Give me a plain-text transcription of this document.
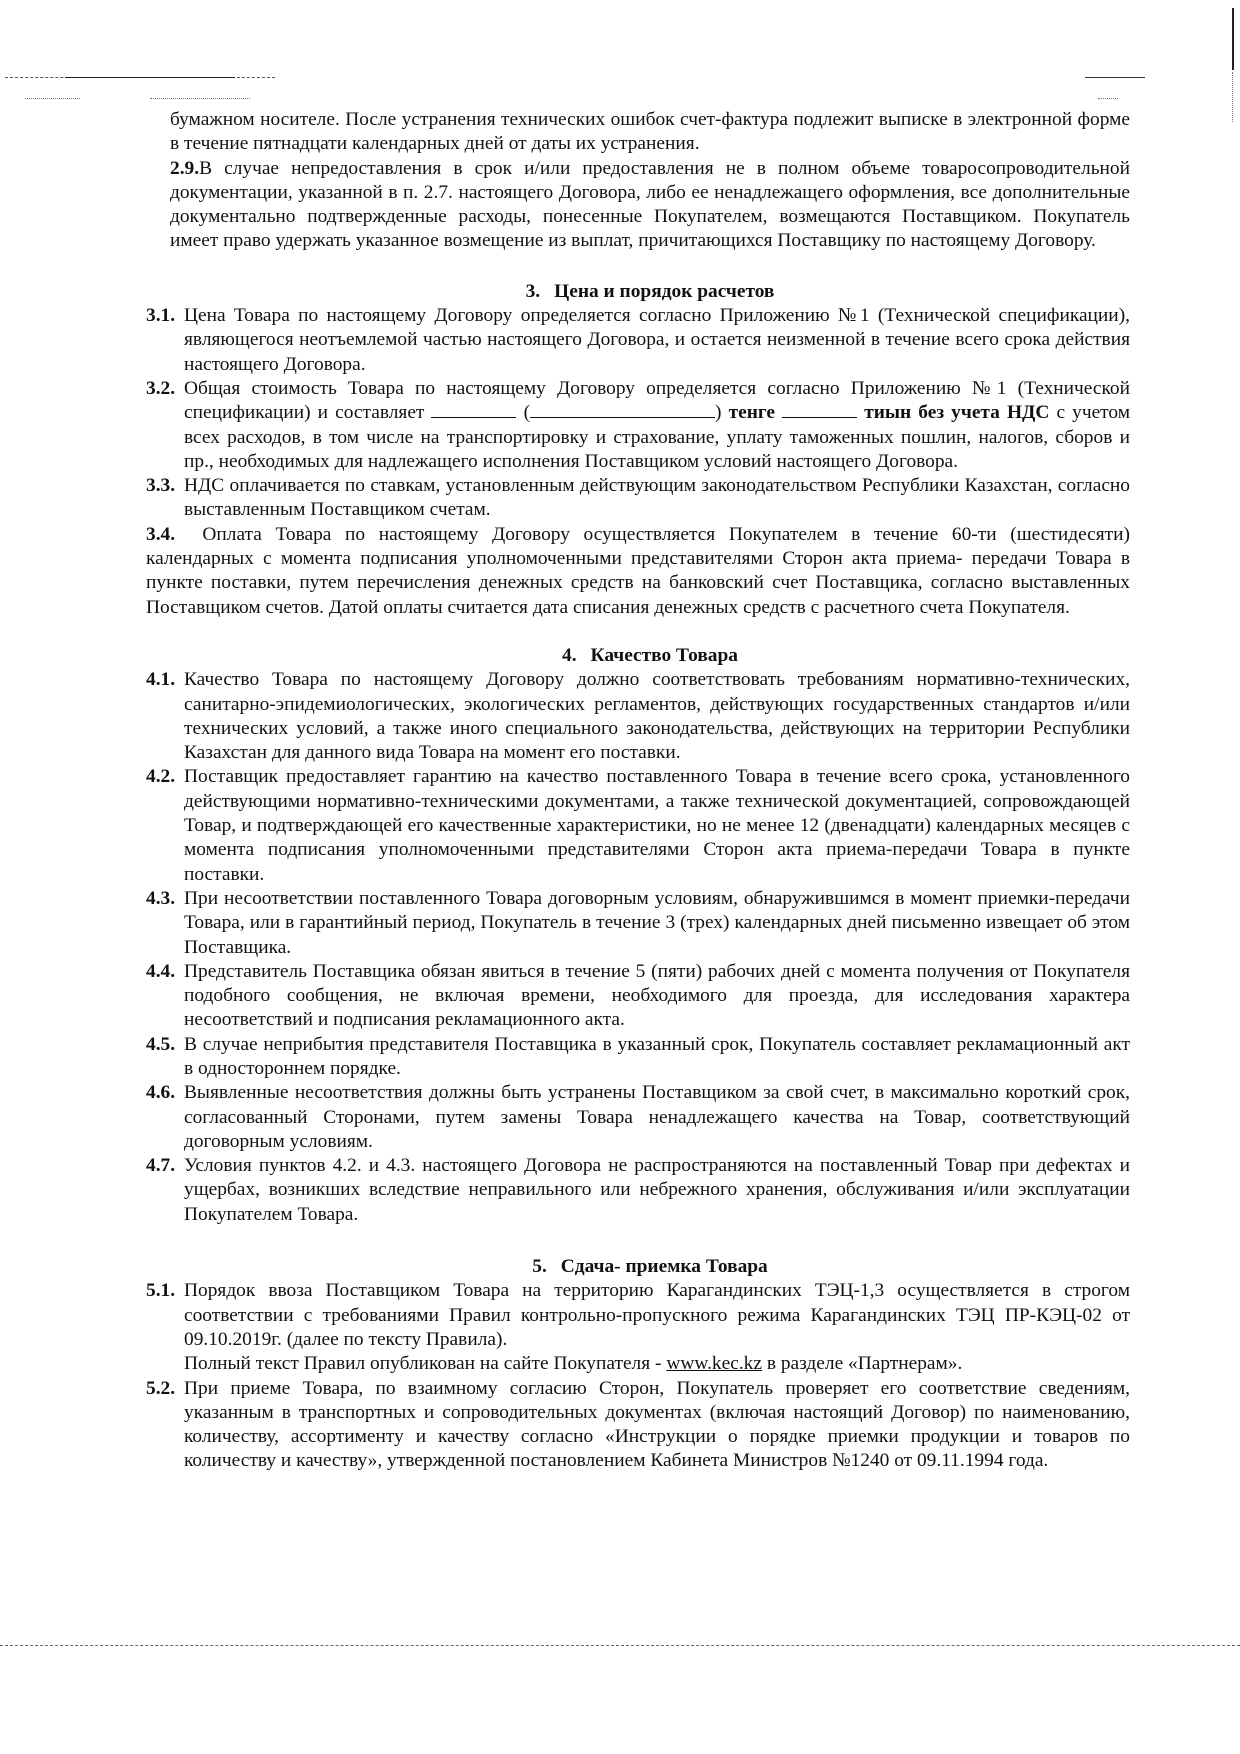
бумажном носителе. После устранения технических ошибок счет-фактура подлежит выписке в электронной форме в течение пятнадцати календарных дней от даты их устранения.

2.9.В случае непредоставления в срок и/или предоставления не в полном объеме товаросопроводительной документации, указанной в п. 2.7. настоящего Договора, либо ее ненадлежащего оформления, все дополнительные документально подтвержденные расходы, понесенные Покупателем, возмещаются Поставщиком. Покупатель имеет право удержать указанное возмещение из выплат, причитающихся Поставщику по настоящему Договору.

3. Цена и порядок расчетов
3.1. Цена Товара по настоящему Договору определяется согласно Приложению №1 (Технической спецификации), являющегося неотъемлемой частью настоящего Договора, и остается неизменной в течение всего срока действия настоящего Договора.
3.2. Общая стоимость Товара по настоящему Договору определяется согласно Приложению №1 (Технической спецификации) и составляет	(	) тенге	тиын без учета НДС с учетом всех расходов, в том числе на транспортировку и страхование, уплату таможенных пошлин, налогов, сборов и пр., необходимых для надлежащего исполнения Поставщиком условий настоящего Договора.
3.3. НДС оплачивается по ставкам, установленным действующим законодательством Республики Казахстан, согласно выставленным Поставщиком счетам.

3.4. Оплата Товара по настоящему Договору осуществляется Покупателем в течение 60-ти (шестидесяти) календарных с момента подписания уполномоченными представителями Сторон акта приема- передачи Товара в пункте поставки, путем перечисления денежных средств на банковский счет Поставщика, согласно выставленных Поставщиком счетов. Датой оплаты считается дата списания денежных средств с расчетного счета Покупателя.

4. Качество Товара
4.1. Качество Товара по настоящему Договору должно соответствовать требованиям нормативно-технических, санитарно-эпидемиологических, экологических регламентов, действующих государственных стандартов и/или технических условий, а также иного специального законодательства, действующих на территории Республики Казахстан для данного вида Товара на момент его поставки.
4.2. Поставщик предоставляет гарантию на качество поставленного Товара в течение всего срока, установленного действующими нормативно-техническими документами, а также технической документацией, сопровождающей Товар, и подтверждающей его качественные характеристики, но не менее 12 (двенадцати) календарных месяцев с момента подписания уполномоченными представителями Сторон акта приема-передачи Товара в пункте поставки.
4.3. При несоответствии поставленного Товара договорным условиям, обнаружившимся в момент приемки-передачи Товара, или в гарантийный период, Покупатель в течение 3 (трех) календарных дней письменно извещает об этом Поставщика.
4.4. Представитель Поставщика обязан явиться в течение 5 (пяти) рабочих дней с момента получения от Покупателя подобного сообщения, не включая времени, необходимого для проезда, для исследования характера несоответствий и подписания рекламационного акта.
4.5. В случае неприбытия представителя Поставщика в указанный срок, Покупатель составляет рекламационный акт в одностороннем порядке.
4.6. Выявленные несоответствия должны быть устранены Поставщиком за свой счет, в максимально короткий срок, согласованный Сторонами, путем замены Товара ненадлежащего качества на Товар, соответствующий договорным условиям.
4.7. Условия пунктов 4.2. и 4.3. настоящего Договора не распространяются на поставленный Товар при дефектах и ущербах, возникших вследствие неправильного или небрежного хранения, обслуживания и/или эксплуатации Покупателем Товара.
5. Сдача- приемка Товара
5.1. Порядок ввоза Поставщиком Товара на территорию Карагандинских ТЭЦ-1,3 осуществляется в строгом соответствии с требованиями Правил контрольно-пропускного режима Карагандинских ТЭЦ ПР-КЭЦ-02 от 09.10.2019г. (далее по тексту Правила).
Полный текст Правил опубликован на сайте Покупателя - www.kec.kz в разделе «Партнерам».
5.2. При приеме Товара, по взаимному согласию Сторон, Покупатель проверяет его соответствие сведениям, указанным в транспортных и сопроводительных документах (включая настоящий Договор) по наименованию, количеству, ассортименту и качеству согласно «Инструкции о порядке приемки продукции и товаров по количеству и качеству», утвержденной постановлением Кабинета Министров №1240 от 09.11.1994 года.
